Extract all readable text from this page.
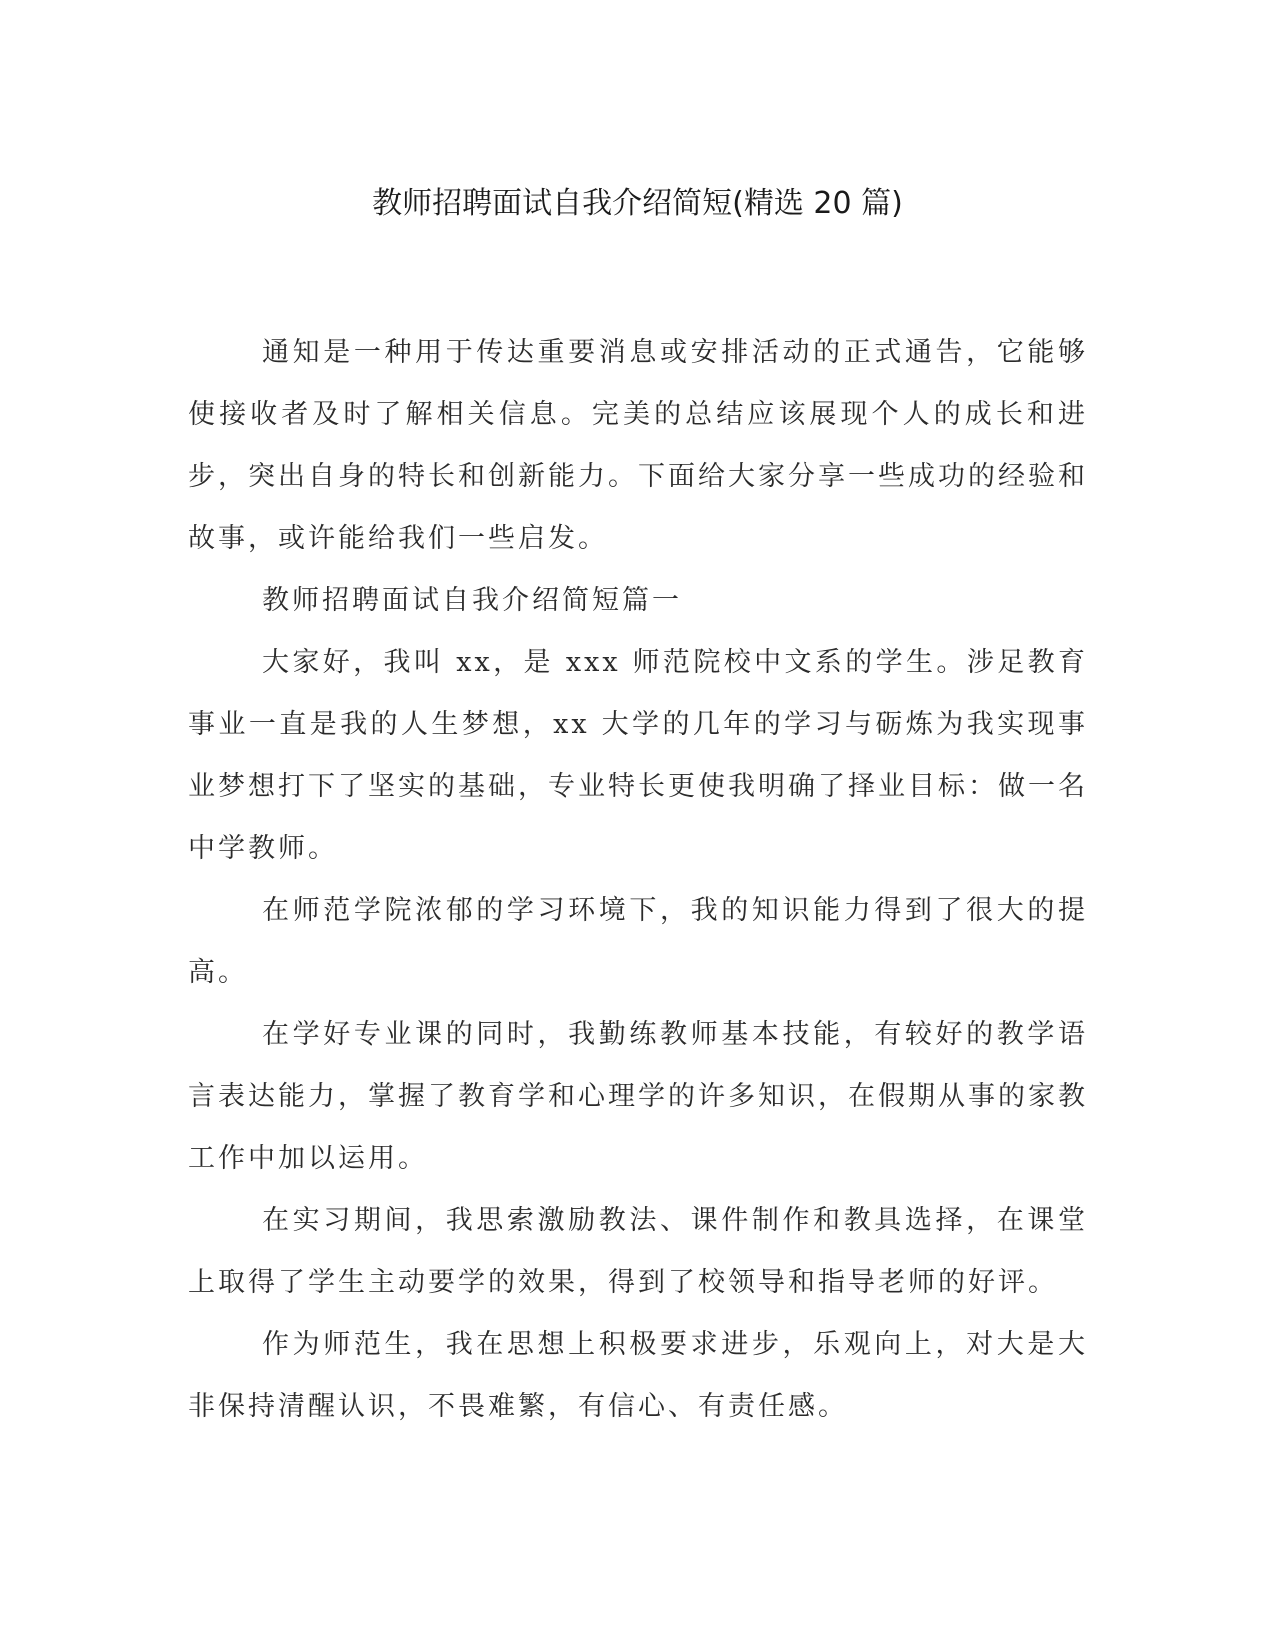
教师招聘面试自我介绍简短(精选 20 篇)

通知是一种用于传达重要消息或安排活动的正式通告，它能够使接收者及时了解相关信息。完美的总结应该展现个人的成长和进步，突出自身的特长和创新能力。下面给大家分享一些成功的经验和故事，或许能给我们一些启发。

教师招聘面试自我介绍简短篇一

大家好，我叫 xx，是 xxx 师范院校中文系的学生。涉足教育事业一直是我的人生梦想，xx 大学的几年的学习与砺炼为我实现事业梦想打下了坚实的基础，专业特长更使我明确了择业目标：做一名中学教师。

在师范学院浓郁的学习环境下，我的知识能力得到了很大的提高。

在学好专业课的同时，我勤练教师基本技能，有较好的教学语言表达能力，掌握了教育学和心理学的许多知识，在假期从事的家教工作中加以运用。

在实习期间，我思索激励教法、课件制作和教具选择，在课堂上取得了学生主动要学的效果，得到了校领导和指导老师的好评。

作为师范生，我在思想上积极要求进步，乐观向上，对大是大非保持清醒认识，不畏难繁，有信心、有责任感。
